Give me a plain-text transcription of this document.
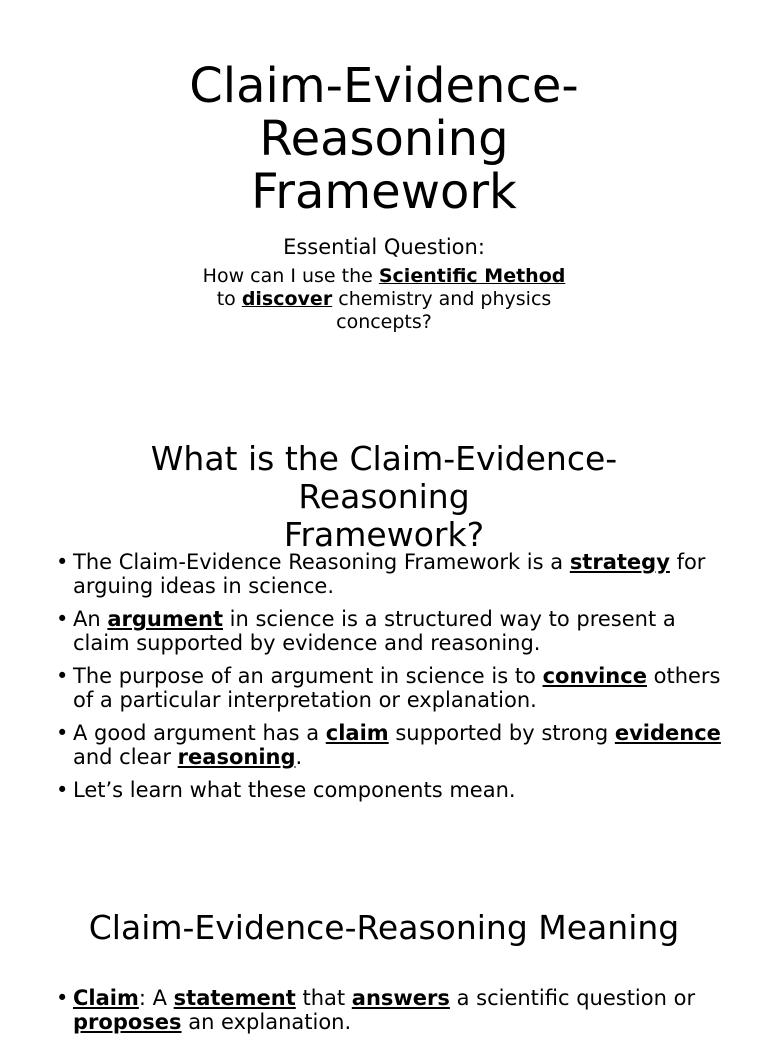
Claim-Evidence-
Reasoning
Framework

Essential Question:

How can I use the Scientific Method
to discover chemistry and physics concepts?

What is the Claim-Evidence-
Reasoning
Framework?
• The Claim-Evidence Reasoning Framework is a strategy for arguing ideas in science.
• An argument in science is a structured way to present a claim supported by evidence and reasoning.
• The purpose of an argument in science is to convince others of a particular interpretation or explanation.
• A good argument has a claim supported by strong evidence and clear reasoning.
• Let’s learn what these components mean.
Claim-Evidence-Reasoning Meaning
• Claim: A statement that answers a scientific question or proposes an explanation.
